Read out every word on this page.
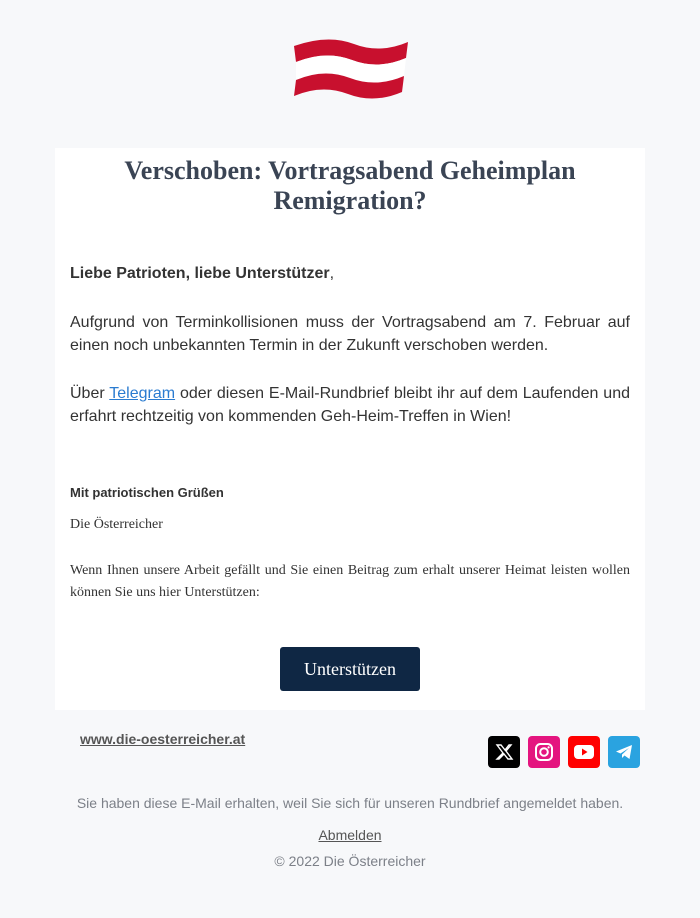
Verschoben: Vortragsabend Geheimplan Remigration?

Liebe Patrioten, liebe Unterstützer,

Aufgrund von Terminkollisionen muss der Vortragsabend am 7. Februar auf einen noch unbekannten Termin in der Zukunft verschoben werden.

Über Telegram oder diesen E-Mail-Rundbrief bleibt ihr auf dem Laufenden und erfahrt rechtzeitig von kommenden Geh-Heim-Treffen in Wien!

Mit patriotischen Grüßen
Die Österreicher

Wenn Ihnen unsere Arbeit gefällt und Sie einen Beitrag zum erhalt unserer Heimat leisten wollen können Sie uns hier Unterstützen:

Unterstützen
www.die-oesterreicher.at
Sie haben diese E-Mail erhalten, weil Sie sich für unseren Rundbrief angemeldet haben.
Abmelden
© 2022 Die Österreicher
